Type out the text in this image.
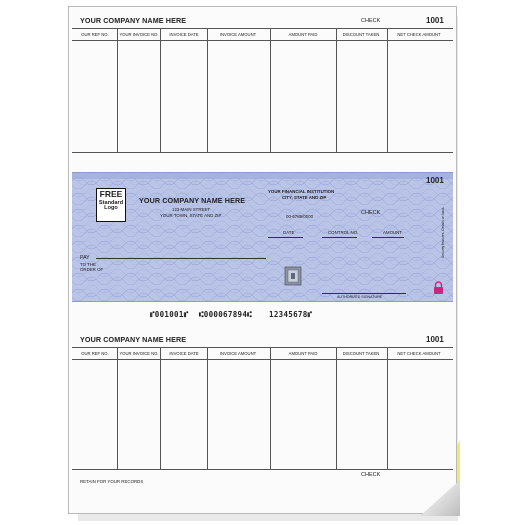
YOUR COMPANY NAME HERE	CHECK	1001
OUR REF NO.	YOUR INVOICE NO.	INVOICE DATE	INVOICE AMOUNT	AMOUNT PAID	DISCOUNT TAKEN	NET CHECK AMOUNT
1001
FREE
Standard
Logo
YOUR COMPANY NAME HERE
123 MAIN STREET
YOUR TOWN, STATE AND ZIP
YOUR FINANCIAL INSTITUTION
CITY, STATE AND ZIP
00-6789/0000
CHECK
DATE	CONTROL NO.	AMOUNT
PAY
TO THE
ORDER OF
AUTHORIZED SIGNATURE
Security features. Details on back.
⑈001001⑈ ⑆000067894⑆ 12345678⑈
YOUR COMPANY NAME HERE	1001
OUR REF NO.	YOUR INVOICE NO.	INVOICE DATE	INVOICE AMOUNT	AMOUNT PAID	DISCOUNT TAKEN	NET CHECK AMOUNT
CHECK
RETAIN FOR YOUR RECORDS
